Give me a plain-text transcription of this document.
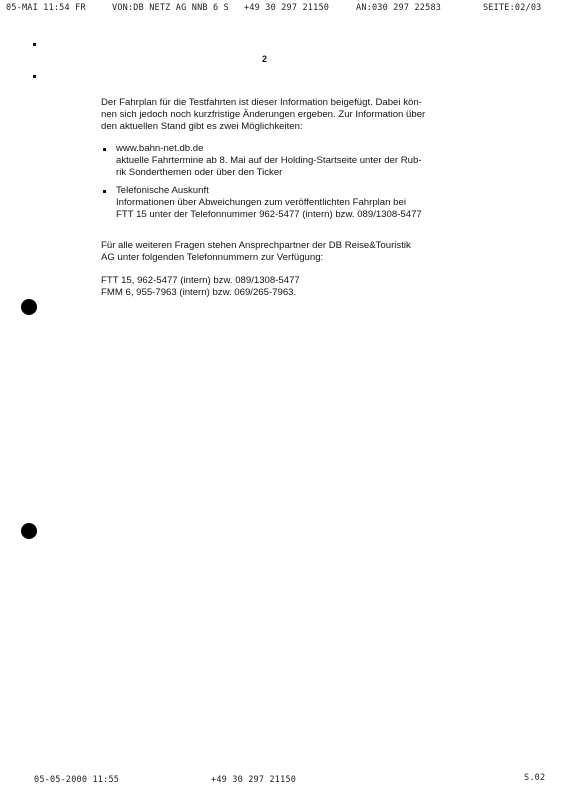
05-MAI 11:54 FR	VON:DB NETZ AG NNB 6 S +49 30 297 21150	AN:030 297 22583	SEITE:02/03
2
Der Fahrplan für die Testfahrten ist dieser Information beigefügt. Dabei kön-
nen sich jedoch noch kurzfristige Änderungen ergeben. Zur Information über
den aktuellen Stand gibt es zwei Möglichkeiten:
www.bahn-net.db.de
aktuelle Fahrtermine ab 8. Mai auf der Holding-Startseite unter der Rub-
rik Sonderthemen oder über den Ticker
Telefonische Auskunft
Informationen über Abweichungen zum veröffentlichten Fahrplan bei
FTT 15 unter der Telefonnummer 962-5477 (intern) bzw. 089/1308-5477
Für alle weiteren Fragen stehen Ansprechpartner der DB Reise&Touristik
AG unter folgenden Telefonnummern zur Verfügung:
FTT 15, 962-5477 (intern) bzw. 089/1308-5477
FMM 6, 955-7963 (intern) bzw. 069/265-7963.
05-05-2000 11:55	+49 30 297 21150	S.02
